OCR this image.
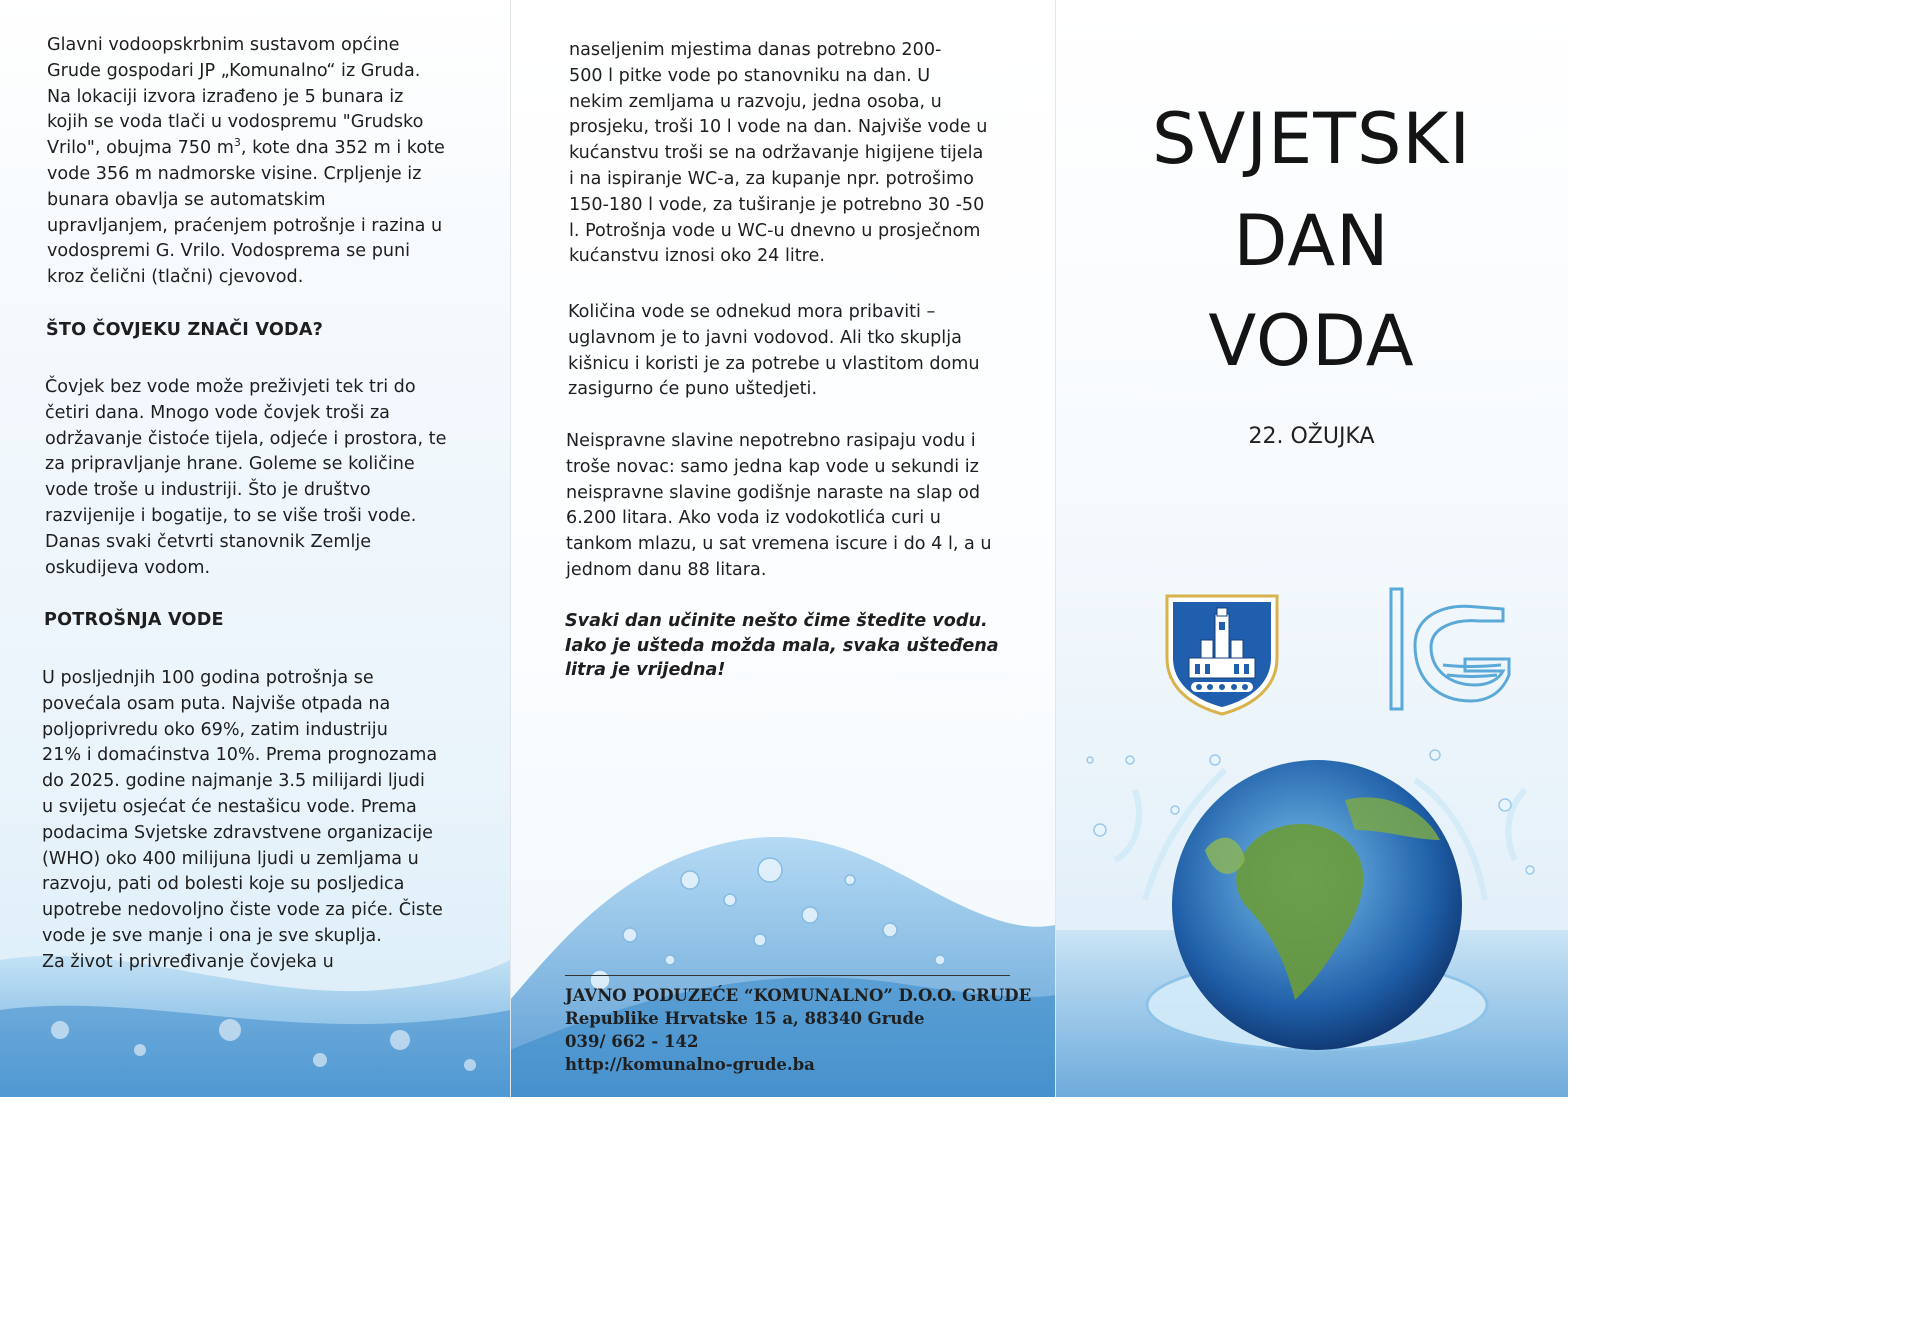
Glavni vodoopskrbnim sustavom općine
Grude gospodari JP „Komunalno“ iz Gruda.
Na lokaciji izvora izrađeno je 5 bunara iz
kojih se voda tlači u vodospremu "Grudsko
Vrilo", obujma 750 $m^3$, kote dna 352 m i kote
vode 356 m nadmorske visine. Crpljenje iz
bunara obavlja se automatskim
upravljanjem, praćenjem potrošnje i razina u
vodospremi G. Vrilo. Vodosprema se puni
kroz čelični (tlačni) cjevovod.
ŠTO ČOVJEKU ZNAČI VODA?
Čovjek bez vode može preživjeti tek tri do
četiri dana. Mnogo vode čovjek troši za
održavanje čistoće tijela, odjeće i prostora, te
za pripravljanje hrane. Goleme se količine
vode troše u industriji. Što je društvo
razvijenije i bogatije, to se više troši vode.
Danas svaki četvrti stanovnik Zemlje
oskudijeva vodom.
POTROŠNJA VODE
U posljednjih 100 godina potrošnja se
povećala osam puta. Najviše otpada na
poljoprivredu oko 69%, zatim industriju
21% i domaćinstva 10%. Prema prognozama
do 2025. godine najmanje 3.5 milijardi ljudi
u svijetu osjećat će nestašicu vode. Prema
podacima Svjetske zdravstvene organizacije
(WHO) oko 400 milijuna ljudi u zemljama u
razvoju, pati od bolesti koje su posljedica
upotrebe nedovoljno čiste vode za piće. Čiste
vode je sve manje i ona je sve skuplja.
Za život i privređivanje čovjeka u
naseljenim mjestima danas potrebno 200-
500 l pitke vode po stanovniku na dan. U
nekim zemljama u razvoju, jedna osoba, u
prosjeku, troši 10 l vode na dan. Najviše vode u
kućanstvu troši se na održavanje higijene tijela
i na ispiranje WC-a, za kupanje npr. potrošimo
150-180 l vode, za tuširanje je potrebno 30 -50
l. Potrošnja vode u WC-u dnevno u prosječnom
kućanstvu iznosi oko 24 litre.
Količina vode se odnekud mora pribaviti –
uglavnom je to javni vodovod. Ali tko skuplja
kišnicu i koristi je za potrebe u vlastitom domu
zasigurno će puno uštedjeti.
Neispravne slavine nepotrebno rasipaju vodu i
troše novac: samo jedna kap vode u sekundi iz
neispravne slavine godišnje naraste na slap od
6.200 litara. Ako voda iz vodokotlića curi u
tankom mlazu, u sat vremena iscure i do 4 l, a u
jednom danu 88 litara.
Svaki dan učinite nešto čime štedite vodu.
Iako je ušteda možda mala, svaka ušteđena
litra je vrijedna!
JAVNO PODUZEĆE “KOMUNALNO” D.O.O. GRUDE
Republike Hrvatske 15 a, 88340 Grude
039/ 662 - 142
http://komunalno-grude.ba
SVJETSKI
DAN
VODA
22. OŽUJKA
